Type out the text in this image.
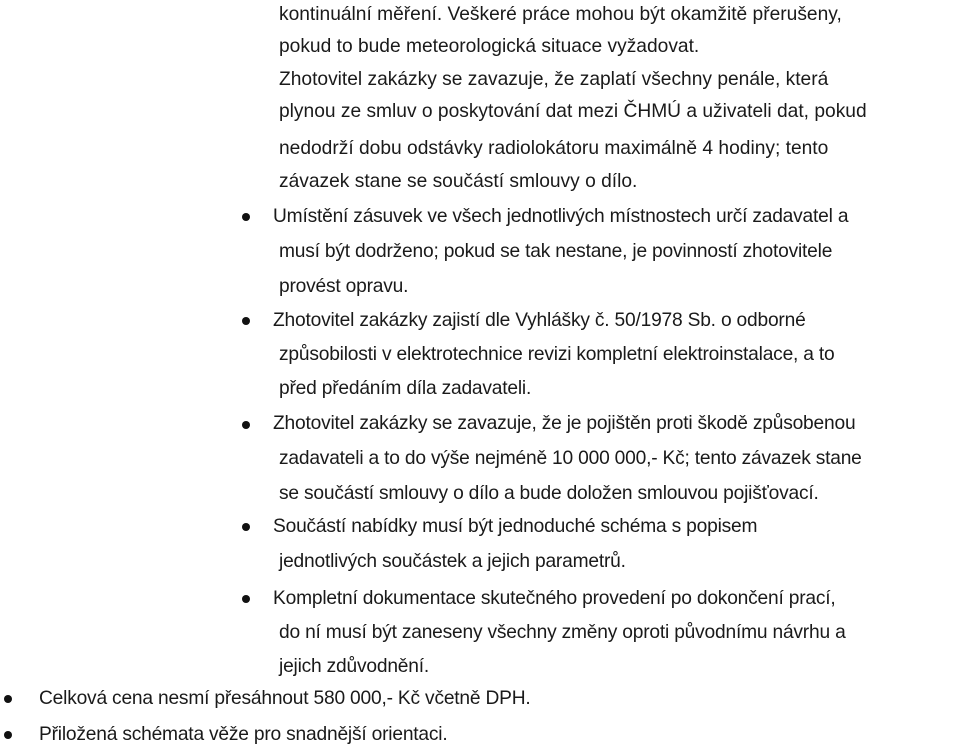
kontinuální měření. Veškeré práce mohou být okamžitě přerušeny,
pokud to bude meteorologická situace vyžadovat.
Zhotovitel zakázky se zavazuje, že zaplatí všechny penále, která
plynou ze smluv o poskytování dat mezi ČHMÚ a uživateli dat, pokud
nedodrží dobu odstávky radiolokátoru maximálně 4 hodiny; tento
závazek stane se součástí smlouvy o dílo.
Umístění zásuvek ve všech jednotlivých místnostech určí zadavatel a
musí být dodrženo; pokud se tak nestane, je povinností zhotovitele
provést opravu.
Zhotovitel zakázky zajistí dle Vyhlášky č. 50/1978 Sb. o odborné
způsobilosti v elektrotechnice revizi kompletní elektroinstalace, a to
před předáním díla zadavateli.
Zhotovitel zakázky se zavazuje, že je pojištěn proti škodě způsobenou
zadavateli a to do výše nejméně 10 000 000,- Kč; tento závazek stane
se součástí smlouvy o dílo a bude doložen smlouvou pojišťovací.
Součástí nabídky musí být jednoduché schéma s popisem
jednotlivých součástek a jejich parametrů.
Kompletní dokumentace skutečného provedení po dokončení prací,
do ní musí být zaneseny všechny změny oproti původnímu návrhu a
jejich zdůvodnění.
Celková cena nesmí přesáhnout 580 000,- Kč včetně DPH.
Přiložená schémata věže pro snadnější orientaci.
